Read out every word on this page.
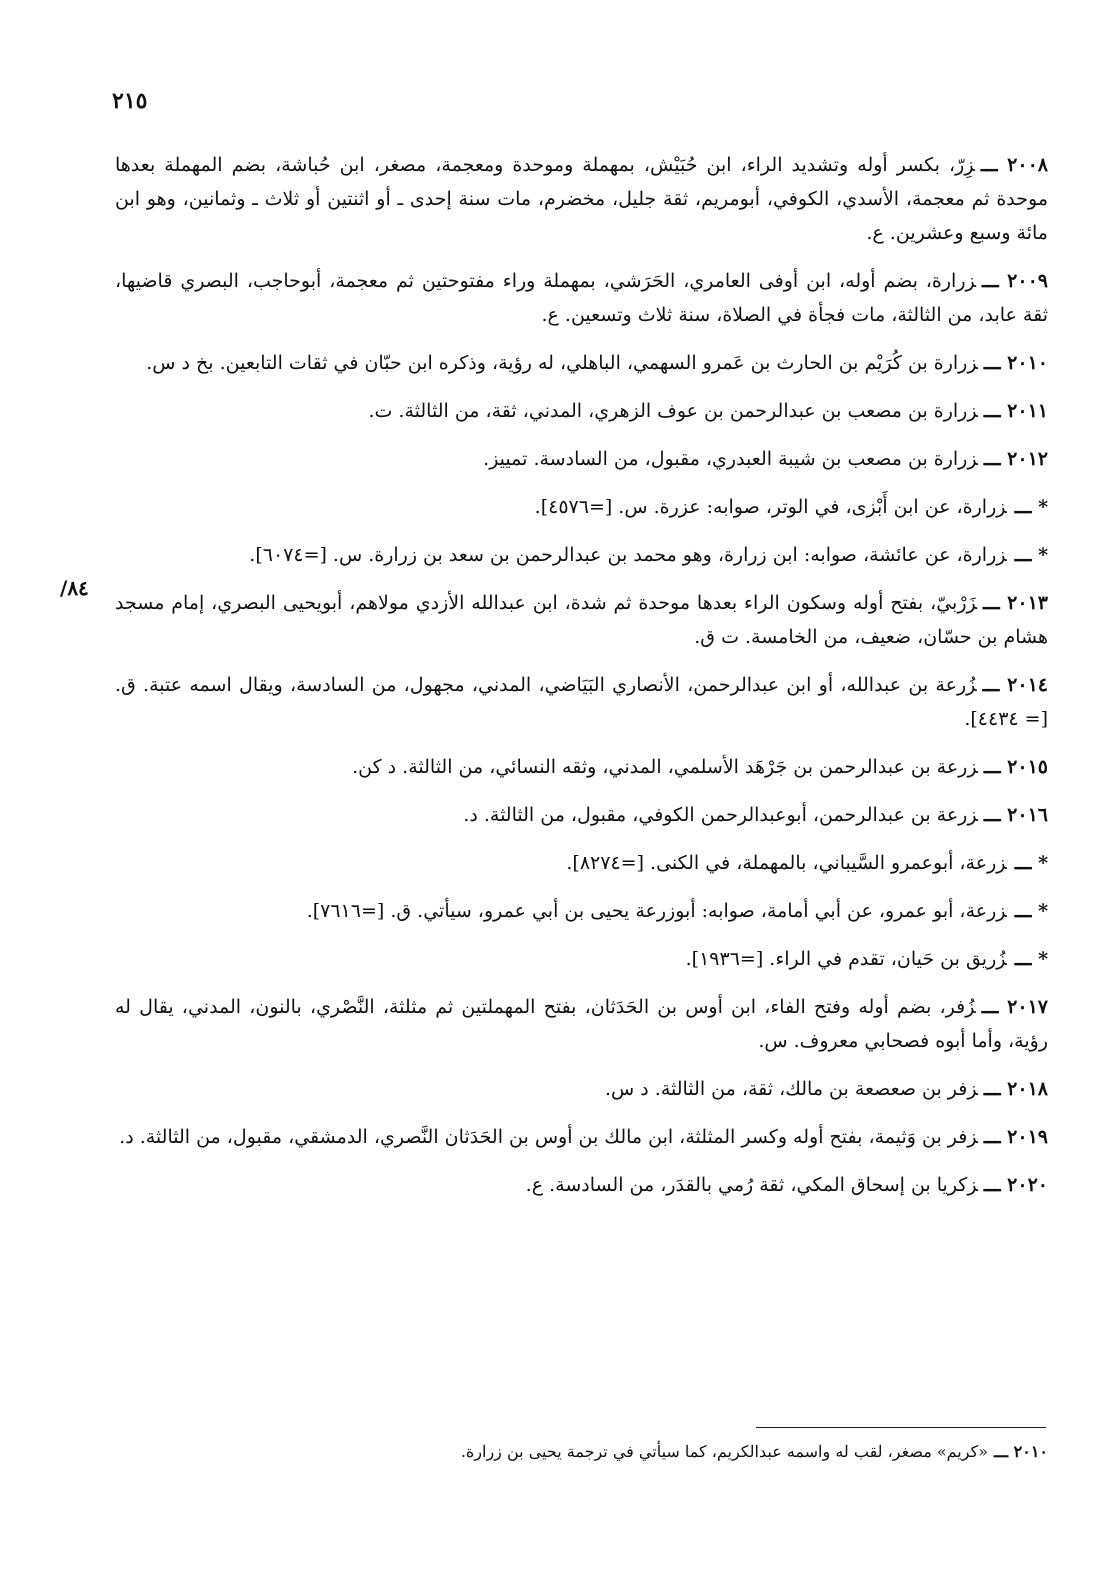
٢١٥
/٨٤
٢٠٠٨ ـــزِرّ، بكسر أوله وتشديد الراء، ابن حُبَيْش، بمهملة وموحدة ومعجمة، مصغر، ابن حُباشة، بضم المهملة بعدها موحدة ثم معجمة، الأسدي، الكوفي، أبومريم، ثقة جليل، مخضرم، مات سنة إحدى ـ أو اثنتين أو ثلاث ـ وثمانين، وهو ابن مائة وسبع وعشرين. ع.
٢٠٠٩ ـــزرارة، بضم أوله، ابن أوفى العامري، الحَرَشي، بمهملة وراء مفتوحتين ثم معجمة، أبوحاجب، البصري قاضيها، ثقة عابد، من الثالثة، مات فجأة في الصلاة، سنة ثلاث وتسعين. ع.
٢٠١٠ ـــزرارة بن كُرَيْم بن الحارث بن عَمرو السهمي، الباهلي، له رؤية، وذكره ابن حبّان في ثقات التابعين. بخ د س.
٢٠١١ ـــزرارة بن مصعب بن عبدالرحمن بن عوف الزهري، المدني، ثقة، من الثالثة. ت.
٢٠١٢ ـــزرارة بن مصعب بن شيبة العبدري، مقبول، من السادسة. تمييز.
* ـــزرارة، عن ابن أَبْزى، في الوتر، صوابه: عزرة. س. [=٤٥٧٦].
* ـــزرارة، عن عائشة، صوابه: ابن زرارة، وهو محمد بن عبدالرحمن بن سعد بن زرارة. س. [=٦٠٧٤].
٢٠١٣ ـــزَرْبيّ، بفتح أوله وسكون الراء بعدها موحدة ثم شدة، ابن عبدالله الأزدي مولاهم، أبويحيى البصري، إمام مسجد هشام بن حسّان، ضعيف، من الخامسة. ت ق.
٢٠١٤ ـــزُرعة بن عبدالله، أو ابن عبدالرحمن، الأنصاري البَيَاضي، المدني، مجهول، من السادسة، ويقال اسمه عتبة. ق. [= ٤٤٣٤].
٢٠١٥ ـــزرعة بن عبدالرحمن بن جَرْهَد الأسلمي، المدني، وثقه النسائي، من الثالثة. د كن.
٢٠١٦ ـــزرعة بن عبدالرحمن، أبوعبدالرحمن الكوفي، مقبول، من الثالثة. د.
* ـــزرعة، أبوعمرو السَّيباني، بالمهملة، في الكنى. [=٨٢٧٤].
* ـــزرعة، أبو عمرو، عن أبي أمامة، صوابه: أبوزرعة يحيى بن أبي عمرو، سيأتي. ق. [=٧٦١٦].
* ـــزُريق بن حَيان، تقدم في الراء. [=١٩٣٦].
٢٠١٧ ـــزُفر، بضم أوله وفتح الفاء، ابن أوس بن الحَدَثان، بفتح المهملتين ثم مثلثة، النَّصْري، بالنون، المدني، يقال له رؤية، وأما أبوه فصحابي معروف. س.
٢٠١٨ ـــزفر بن صعصعة بن مالك، ثقة، من الثالثة. د س.
٢٠١٩ ـــزفر بن وَثيمة، بفتح أوله وكسر المثلثة، ابن مالك بن أوس بن الحَدَثان النَّصري، الدمشقي، مقبول، من الثالثة. د.
٢٠٢٠ ـــزكريا بن إسحاق المكي، ثقة رُمي بالقدَر، من السادسة. ع.
٢٠١٠ ـــ«كريم» مصغر، لقب له واسمه عبدالكريم، كما سيأتي في ترجمة يحيى بن زرارة.
